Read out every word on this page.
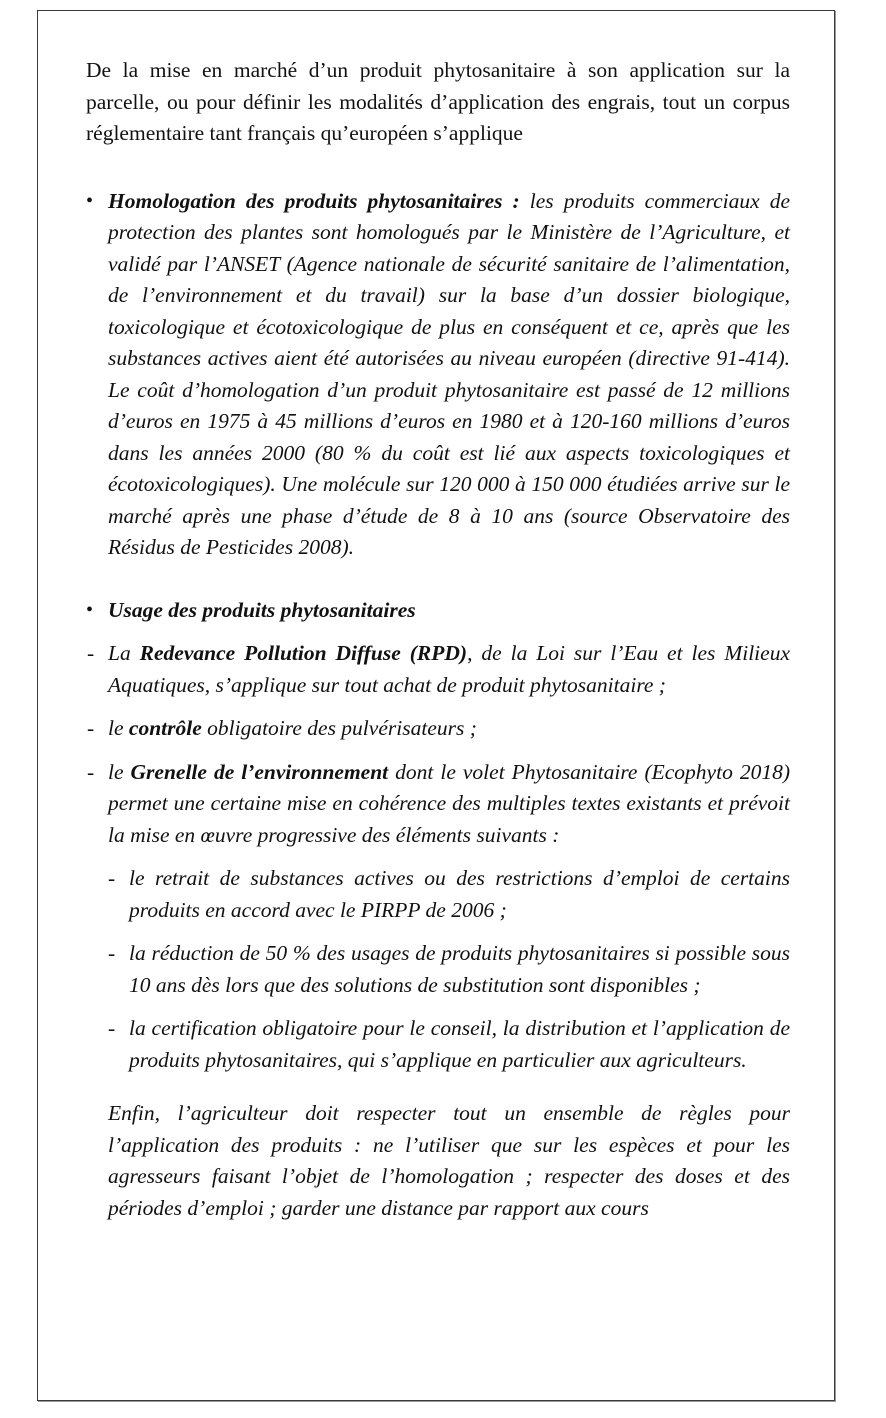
De la mise en marché d’un produit phytosanitaire à son application sur la parcelle, ou pour définir les modalités d’application des engrais, tout un corpus réglementaire tant français qu’européen s’applique

• Homologation des produits phytosanitaires : les produits commerciaux de protection des plantes sont homologués par le Ministère de l’Agriculture, et validé par l’ANSET (Agence nationale de sécurité sanitaire de l’alimentation, de l’environnement et du travail) sur la base d’un dossier biologique, toxicologique et écotoxicologique de plus en conséquent et ce, après que les substances actives aient été autorisées au niveau européen (directive 91-414). Le coût d’homologation d’un produit phytosanitaire est passé de 12 millions d’euros en 1975 à 45 millions d’euros en 1980 et à 120-160 millions d’euros dans les années 2000 (80 % du coût est lié aux aspects toxicologiques et écotoxicologiques). Une molécule sur 120 000 à 150 000 étudiées arrive sur le marché après une phase d’étude de 8 à 10 ans (source Observatoire des Résidus de Pesticides 2008).

• Usage des produits phytosanitaires

- La Redevance Pollution Diffuse (RPD), de la Loi sur l’Eau et les Milieux Aquatiques, s’applique sur tout achat de produit phytosanitaire ;

- le contrôle obligatoire des pulvérisateurs ;

- le Grenelle de l’environnement dont le volet Phytosanitaire (Ecophyto 2018) permet une certaine mise en cohérence des multiples textes existants et prévoit la mise en œuvre progressive des éléments suivants :

- le retrait de substances actives ou des restrictions d’emploi de certains produits en accord avec le PIRPP de 2006 ;

- la réduction de 50 % des usages de produits phytosanitaires si possible sous 10 ans dès lors que des solutions de substitution sont disponibles ;

- la certification obligatoire pour le conseil, la distribution et l’application de produits phytosanitaires, qui s’applique en particulier aux agriculteurs.

Enfin, l’agriculteur doit respecter tout un ensemble de règles pour l’application des produits : ne l’utiliser que sur les espèces et pour les agresseurs faisant l’objet de l’homologation ; respecter des doses et des périodes d’emploi ; garder une distance par rapport aux cours
